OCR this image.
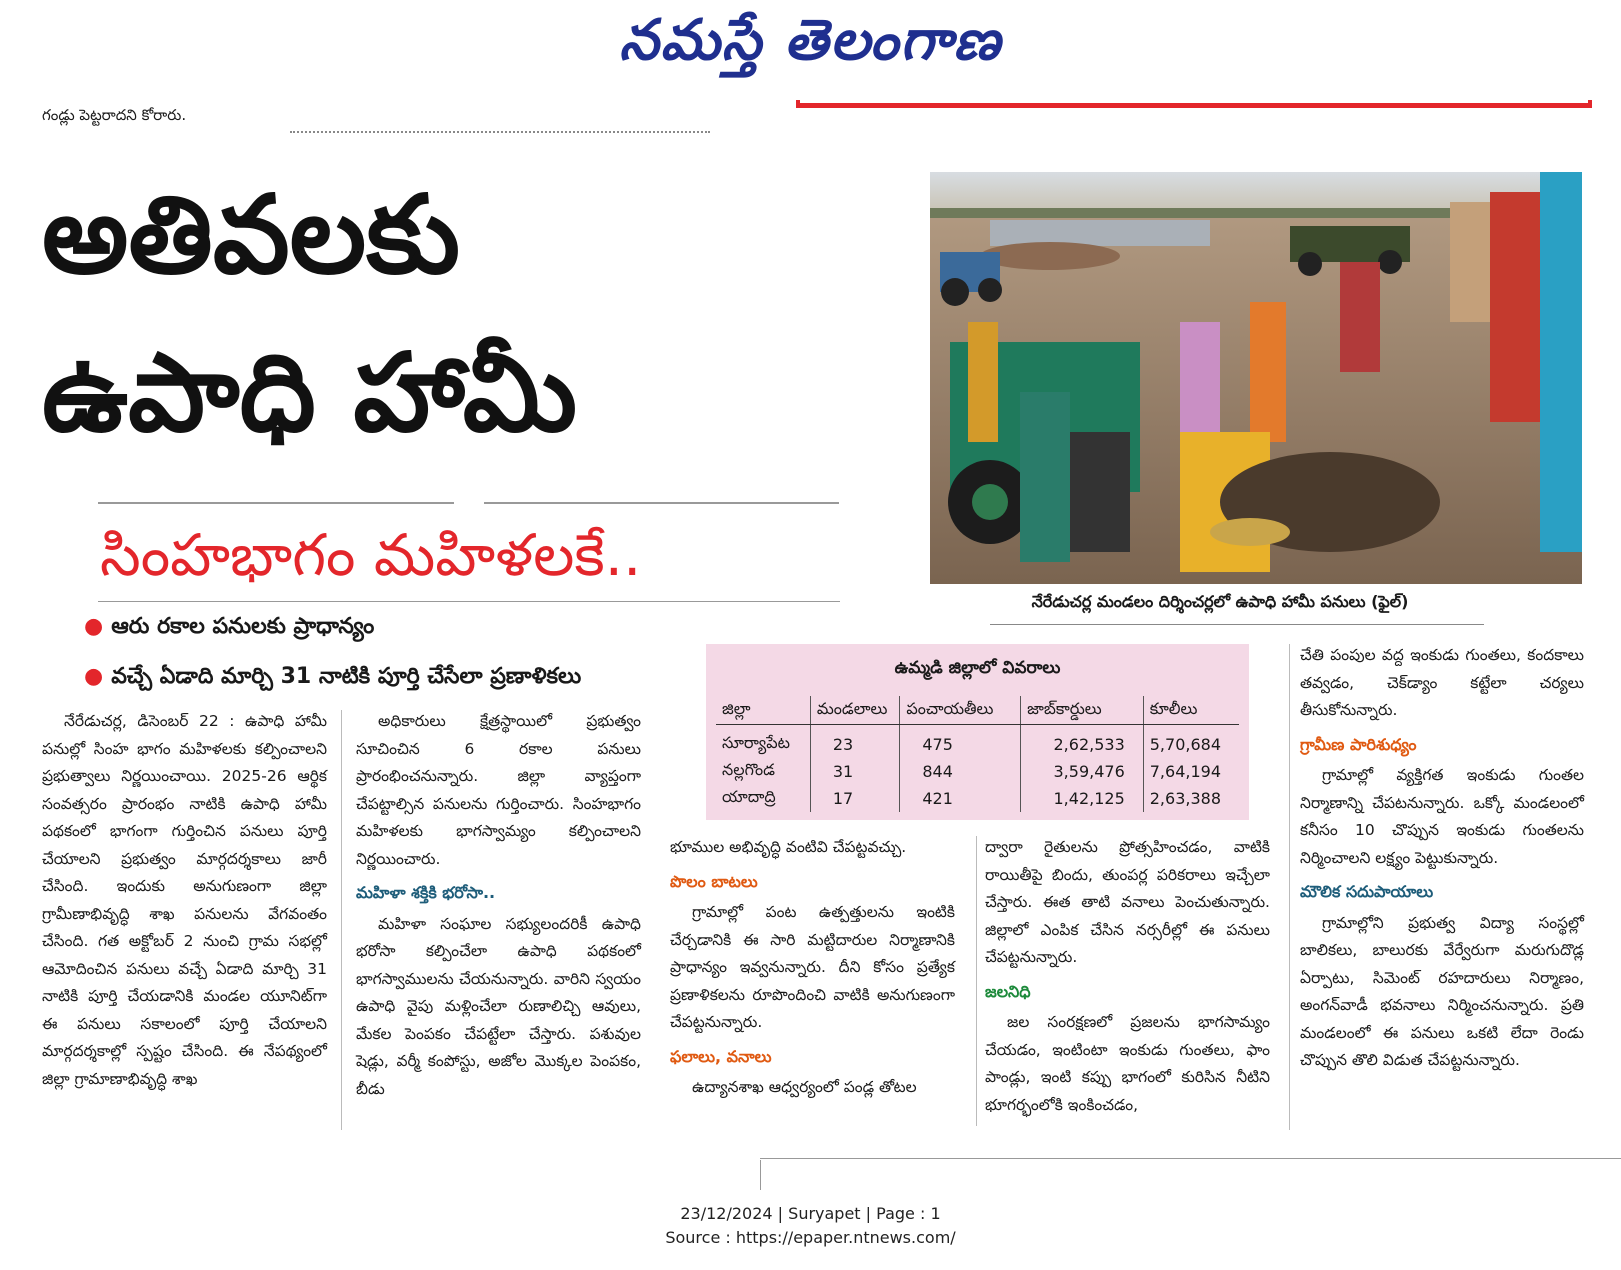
నమస్తే తెలంగాణ
గండ్లు పెట్టరాదని కోరారు.
అతివలకు
ఉపాధి హామీ
సింహభాగం మహిళలకే..
● ఆరు రకాల పనులకు ప్రాధాన్యం
● వచ్చే ఏడాది మార్చి 31 నాటికి పూర్తి చేసేలా ప్రణాళికలు
నేరేడుచర్ల మండలం దిర్శించర్లలో ఉపాధి హామీ పనులు (ఫైల్)
ఉమ్మడి జిల్లాలో వివరాలు
జిల్లా	మండలాలు	పంచాయతీలు	జాబ్‌కార్డులు	కూలీలు
సూర్యాపేట	23	475	2,62,533	5,70,684
నల్లగొండ	31	844	3,59,476	7,64,194
యాదాద్రి	17	421	1,42,125	2,63,388

నేరేడుచర్ల, డిసెంబర్ 22 : ఉపాధి హామీ పనుల్లో సింహ భాగం మహిళలకు కల్పించాలని ప్రభుత్వాలు నిర్ణయించాయి. 2025-26 ఆర్థిక సంవత్సరం ప్రారంభం నాటికి ఉపాధి హామీ పథకంలో భాగంగా గుర్తించిన పనులు పూర్తి చేయాలని ప్రభుత్వం మార్గదర్శకాలు జారీ చేసింది. ఇందుకు అనుగుణంగా జిల్లా గ్రామీణాభివృద్ధి శాఖ పనులను వేగవంతం చేసింది. గత అక్టోబర్ 2 నుంచి గ్రామ సభల్లో ఆమోదించిన పనులు వచ్చే ఏడాది మార్చి 31 నాటికి పూర్తి చేయడానికి మండల యూనిట్‌గా ఈ పనులు సకాలంలో పూర్తి చేయాలని మార్గదర్శకాల్లో స్పష్టం చేసింది. ఈ నేపథ్యంలో జిల్లా గ్రామాణాభివృద్ధి శాఖ

అధికారులు క్షేత్రస్థాయిలో ప్రభుత్వం సూచించిన 6 రకాల పనులు ప్రారంభించనున్నారు. జిల్లా వ్యాప్తంగా చేపట్టాల్సిన పనులను గుర్తించారు. సింహభాగం మహిళలకు భాగస్వామ్యం కల్పించాలని నిర్ణయించారు.

మహిళా శక్తికి భరోసా..

మహిళా సంఘాల సభ్యులందరికీ ఉపాధి భరోసా కల్పించేలా ఉపాధి పథకంలో భాగస్వాములను చేయనున్నారు. వారిని స్వయం ఉపాధి వైపు మళ్లించేలా రుణాలిచ్చి ఆవులు, మేకల పెంపకం చేపట్టేలా చేస్తారు. పశువుల షెడ్లు, వర్మీ కంపోస్టు, అజోల మొక్కల పెంపకం, బీడు

భూముల అభివృద్ధి వంటివి చేపట్టవచ్చు.

పొలం బాటలు

గ్రామాల్లో పంట ఉత్పత్తులను ఇంటికి చేర్చడానికి ఈ సారి మట్టిదారుల నిర్మాణానికి ప్రాధాన్యం ఇవ్వనున్నారు. దీని కోసం ప్రత్యేక ప్రణాళికలను రూపొందించి వాటికి అనుగుణంగా చేపట్టనున్నారు.

ఫలాలు, వనాలు

ఉద్యానశాఖ ఆధ్వర్యంలో పండ్ల తోటల

ద్వారా రైతులను ప్రోత్సహించడం, వాటికి రాయితీపై బిందు, తుంపర్ల పరికరాలు ఇచ్చేలా చేస్తారు. ఈత తాటి వనాలు పెంచుతున్నారు. జిల్లాలో ఎంపిక చేసిన నర్సరీల్లో ఈ పనులు చేపట్టనున్నారు.

జలనిధి

జల సంరక్షణలో ప్రజలను భాగసామ్యం చేయడం, ఇంటింటా ఇంకుడు గుంతలు, ఫాం పాండ్లు, ఇంటి కప్పు భాగంలో కురిసిన నీటిని భూగర్భంలోకి ఇంకించడం,

చేతి పంపుల వద్ద ఇంకుడు గుంతలు, కందకాలు తవ్వడం, చెక్‌డ్యాం కట్టేలా చర్యలు తీసుకోనున్నారు.

గ్రామీణ పారిశుధ్యం

గ్రామాల్లో వ్యక్తిగత ఇంకుడు గుంతల నిర్మాణాన్ని చేపటనున్నారు. ఒక్కో మండలంలో కనీసం 10 చొప్పున ఇంకుడు గుంతలను నిర్మించాలని లక్ష్యం పెట్టుకున్నారు.

మౌలిక సదుపాయాలు

గ్రామాల్లోని ప్రభుత్వ విద్యా సంస్థల్లో బాలికలు, బాలురకు వేర్వేరుగా మరుగుదొడ్ల ఏర్పాటు, సిమెంట్ రహదారులు నిర్మాణం, అంగన్‌వాడీ భవనాలు నిర్మించనున్నారు. ప్రతి మండలంలో ఈ పనులు ఒకటి లేదా రెండు చొప్పున తొలి విడుత చేపట్టనున్నారు.

23/12/2024 | Suryapet | Page : 1
Source : https://epaper.ntnews.com/
